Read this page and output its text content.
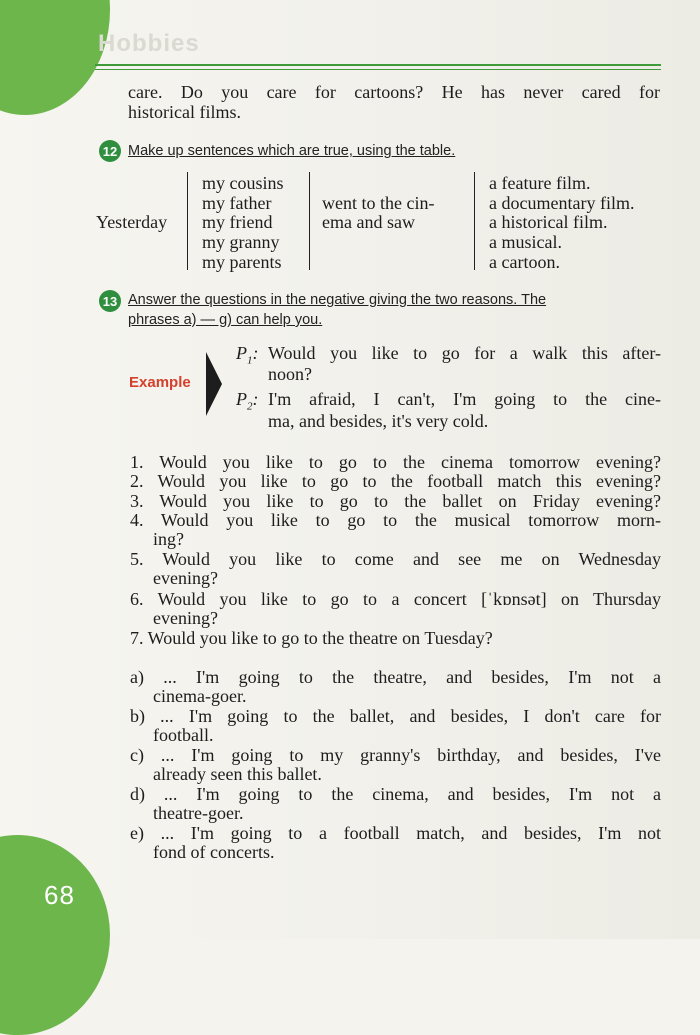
68
Hobbies
care. Do you care for cartoons? He has never cared for
historical films.
12 Make up sentences which are true, using the table.
Yesterday
my cousins
my father
my friend
my granny
my parents
went to the cin-
ema and saw
a feature film.
a documentary film.
a historical film.
a musical.
a cartoon.
13 Answer the questions in the negative giving the two reasons. The
phrases a) — g) can help you.
Example
$P_1$: Would you like to go for a walk this after-
noon?
$P_2$: I'm afraid, I can't, I'm going to the cine-
ma, and besides, it's very cold.
1. Would you like to go to the cinema tomorrow evening?
2. Would you like to go to the football match this evening?
3. Would you like to go to the ballet on Friday evening?
4. Would you like to go to the musical tomorrow morn-
ing?
5. Would you like to come and see me on Wednesday
evening?
6. Would you like to go to a concert [ˈkɒnsət] on Thursday
evening?
7. Would you like to go to the theatre on Tuesday?
a) ... I'm going to the theatre, and besides, I'm not a
cinema-goer.
b) ... I'm going to the ballet, and besides, I don't care for
football.
c) ... I'm going to my granny's birthday, and besides, I've
already seen this ballet.
d) ... I'm going to the cinema, and besides, I'm not a
theatre-goer.
e) ... I'm going to a football match, and besides, I'm not
fond of concerts.
